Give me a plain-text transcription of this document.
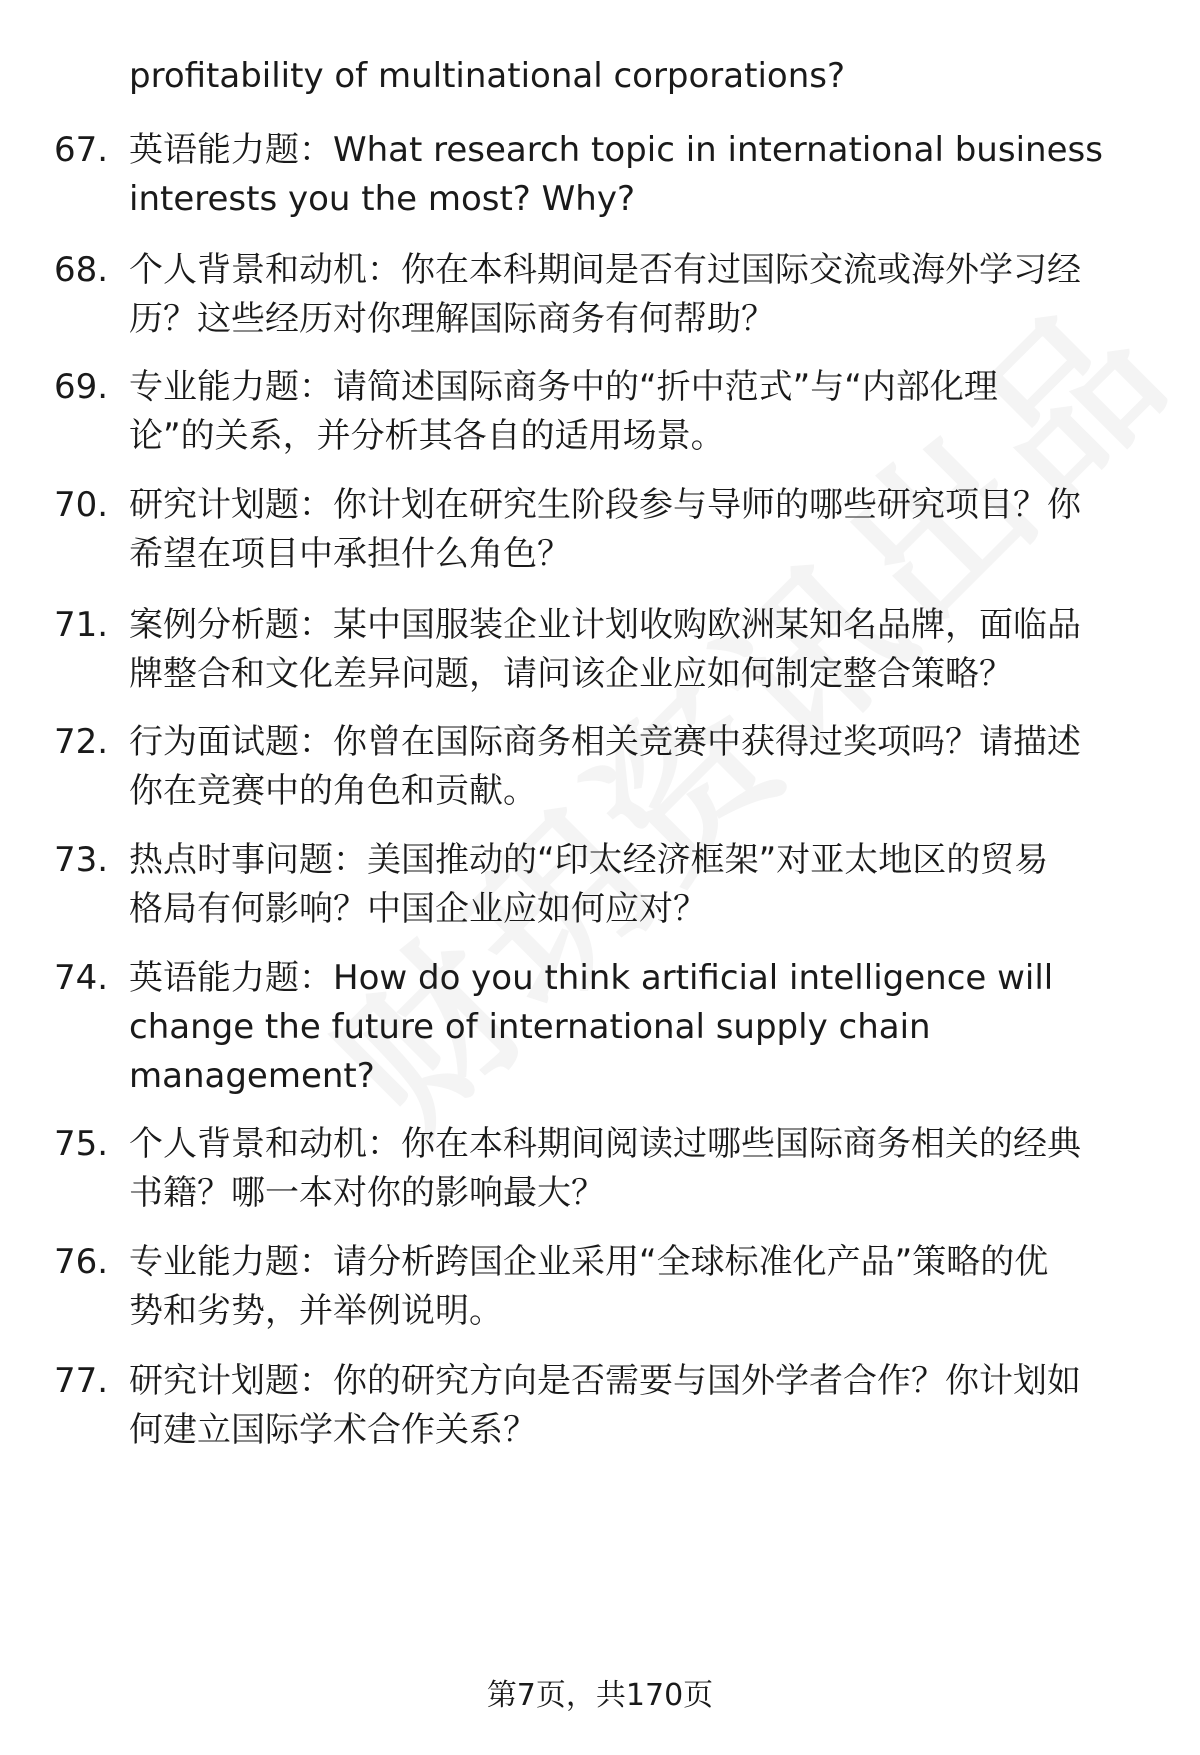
profitability of multinational corporations?
67. 英语能力题：What research topic in international business
interests you the most? Why?
68. 个人背景和动机：你在本科期间是否有过国际交流或海外学习经
历？这些经历对你理解国际商务有何帮助？
69. 专业能力题：请简述国际商务中的“折中范式”与“内部化理
论”的关系，并分析其各自的适用场景。
70. 研究计划题：你计划在研究生阶段参与导师的哪些研究项目？你
希望在项目中承担什么角色？
71. 案例分析题：某中国服装企业计划收购欧洲某知名品牌，面临品
牌整合和文化差异问题，请问该企业应如何制定整合策略？
72. 行为面试题：你曾在国际商务相关竞赛中获得过奖项吗？请描述
你在竞赛中的角色和贡献。
73. 热点时事问题：美国推动的“印太经济框架”对亚太地区的贸易
格局有何影响？中国企业应如何应对？
74. 英语能力题：How do you think artificial intelligence will
change the future of international supply chain
management?
75. 个人背景和动机：你在本科期间阅读过哪些国际商务相关的经典
书籍？哪一本对你的影响最大？
76. 专业能力题：请分析跨国企业采用“全球标准化产品”策略的优
势和劣势，并举例说明。
77. 研究计划题：你的研究方向是否需要与国外学者合作？你计划如
何建立国际学术合作关系？
第7页，共170页
